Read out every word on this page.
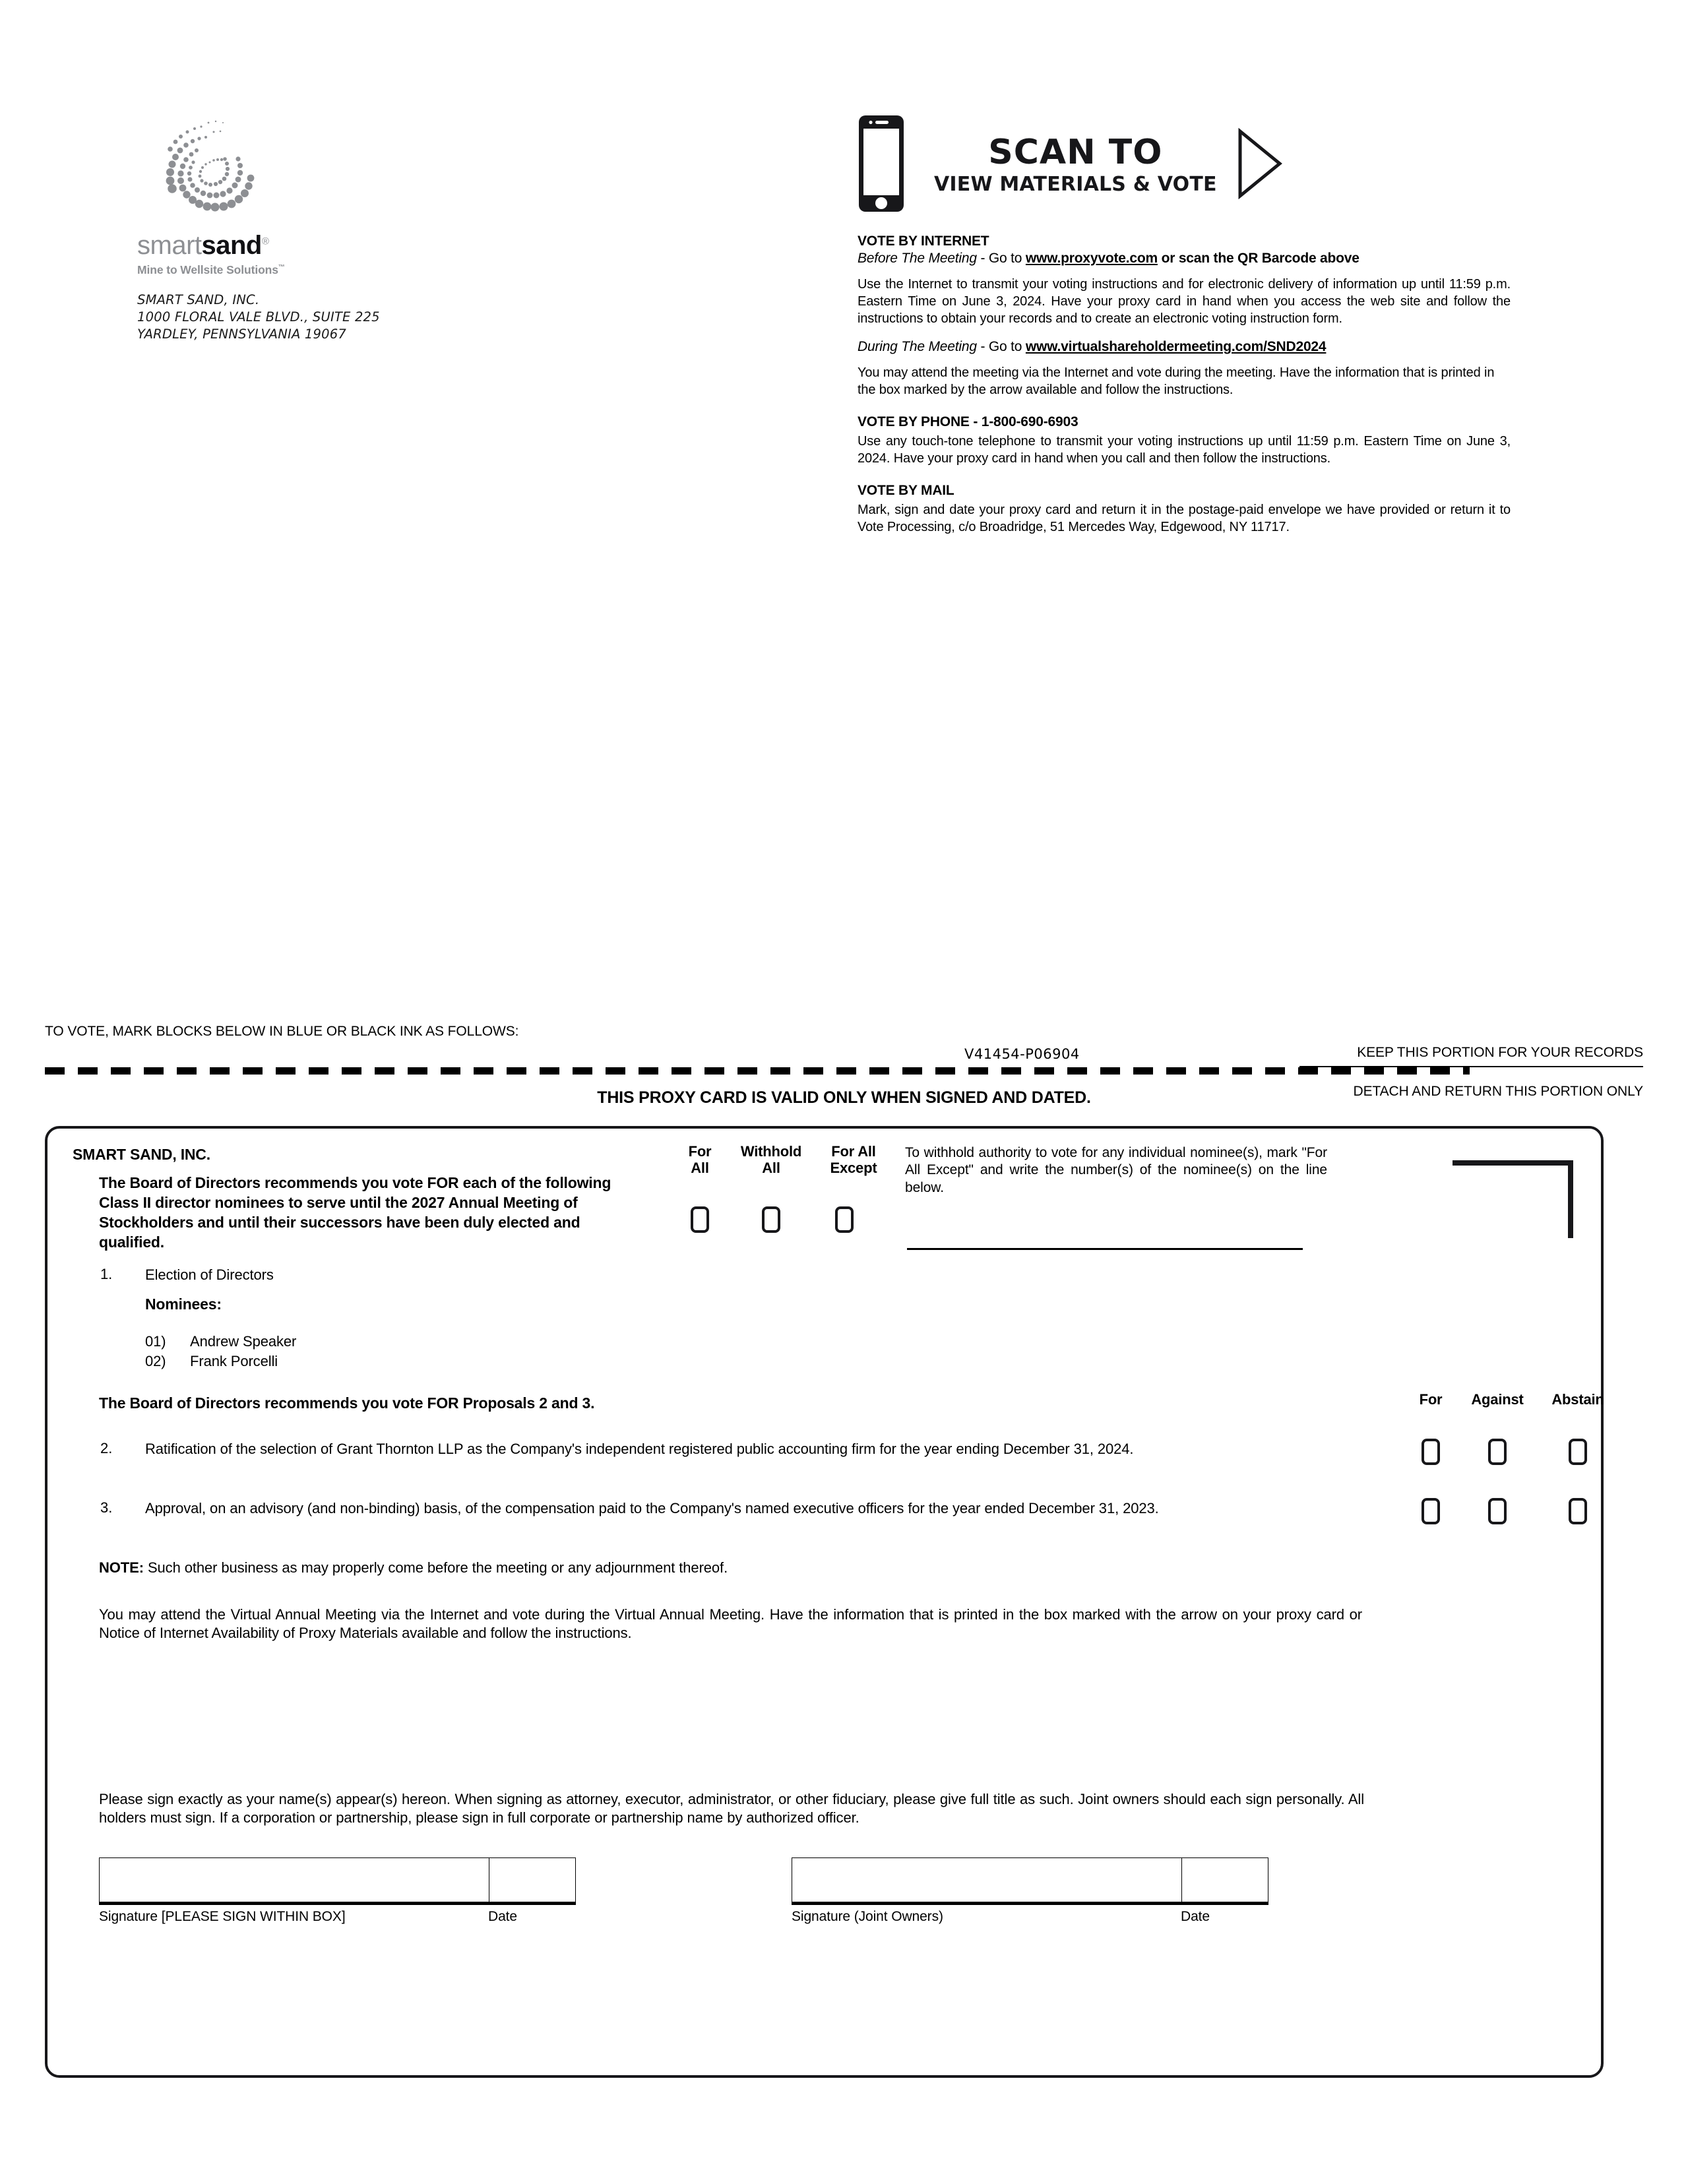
smartsand®
Mine to Wellsite Solutions™
SMART SAND, INC.
1000 FLORAL VALE BLVD., SUITE 225
YARDLEY, PENNSYLVANIA 19067
SCAN TO
VIEW MATERIALS & VOTE
VOTE BY INTERNET
Before The Meeting - Go to www.proxyvote.com or scan the QR Barcode above
Use the Internet to transmit your voting instructions and for electronic delivery of information up until 11:59 p.m. Eastern Time on June 3, 2024. Have your proxy card in hand when you access the web site and follow the instructions to obtain your records and to create an electronic voting instruction form.
During The Meeting - Go to www.virtualshareholdermeeting.com/SND2024
You may attend the meeting via the Internet and vote during the meeting. Have the information that is printed in the box marked by the arrow available and follow the instructions.
VOTE BY PHONE - 1-800-690-6903
Use any touch-tone telephone to transmit your voting instructions up until 11:59 p.m. Eastern Time on June 3, 2024. Have your proxy card in hand when you call and then follow the instructions.
VOTE BY MAIL
Mark, sign and date your proxy card and return it in the postage-paid envelope we have provided or return it to Vote Processing, c/o Broadridge, 51 Mercedes Way, Edgewood, NY 11717.
TO VOTE, MARK BLOCKS BELOW IN BLUE OR BLACK INK AS FOLLOWS:
V41454-P06904	KEEP THIS PORTION FOR YOUR RECORDS
DETACH AND RETURN THIS PORTION ONLY
THIS PROXY CARD IS VALID ONLY WHEN SIGNED AND DATED.
SMART SAND, INC.
The Board of Directors recommends you vote FOR each of the following Class II director nominees to serve until the 2027 Annual Meeting of Stockholders and until their successors have been duly elected and qualified.
For
All
Withhold
All
For All
Except
To withhold authority to vote for any individual nominee(s), mark "For All Except" and write the number(s) of the nominee(s) on the line below.
1. Election of Directors
Nominees:
01)	Andrew Speaker
02)	Frank Porcelli
The Board of Directors recommends you vote FOR Proposals 2 and 3.	For	Against	Abstain
2. Ratification of the selection of Grant Thornton LLP as the Company's independent registered public accounting firm for the year ending December 31, 2024.
3. Approval, on an advisory (and non-binding) basis, of the compensation paid to the Company's named executive officers for the year ended December 31, 2023.
NOTE: Such other business as may properly come before the meeting or any adjournment thereof.
You may attend the Virtual Annual Meeting via the Internet and vote during the Virtual Annual Meeting. Have the information that is printed in the box marked with the arrow on your proxy card or Notice of Internet Availability of Proxy Materials available and follow the instructions.
Please sign exactly as your name(s) appear(s) hereon. When signing as attorney, executor, administrator, or other fiduciary, please give full title as such. Joint owners should each sign personally. All holders must sign. If a corporation or partnership, please sign in full corporate or partnership name by authorized officer.
Signature [PLEASE SIGN WITHIN BOX]	Date	Signature (Joint Owners)	Date
